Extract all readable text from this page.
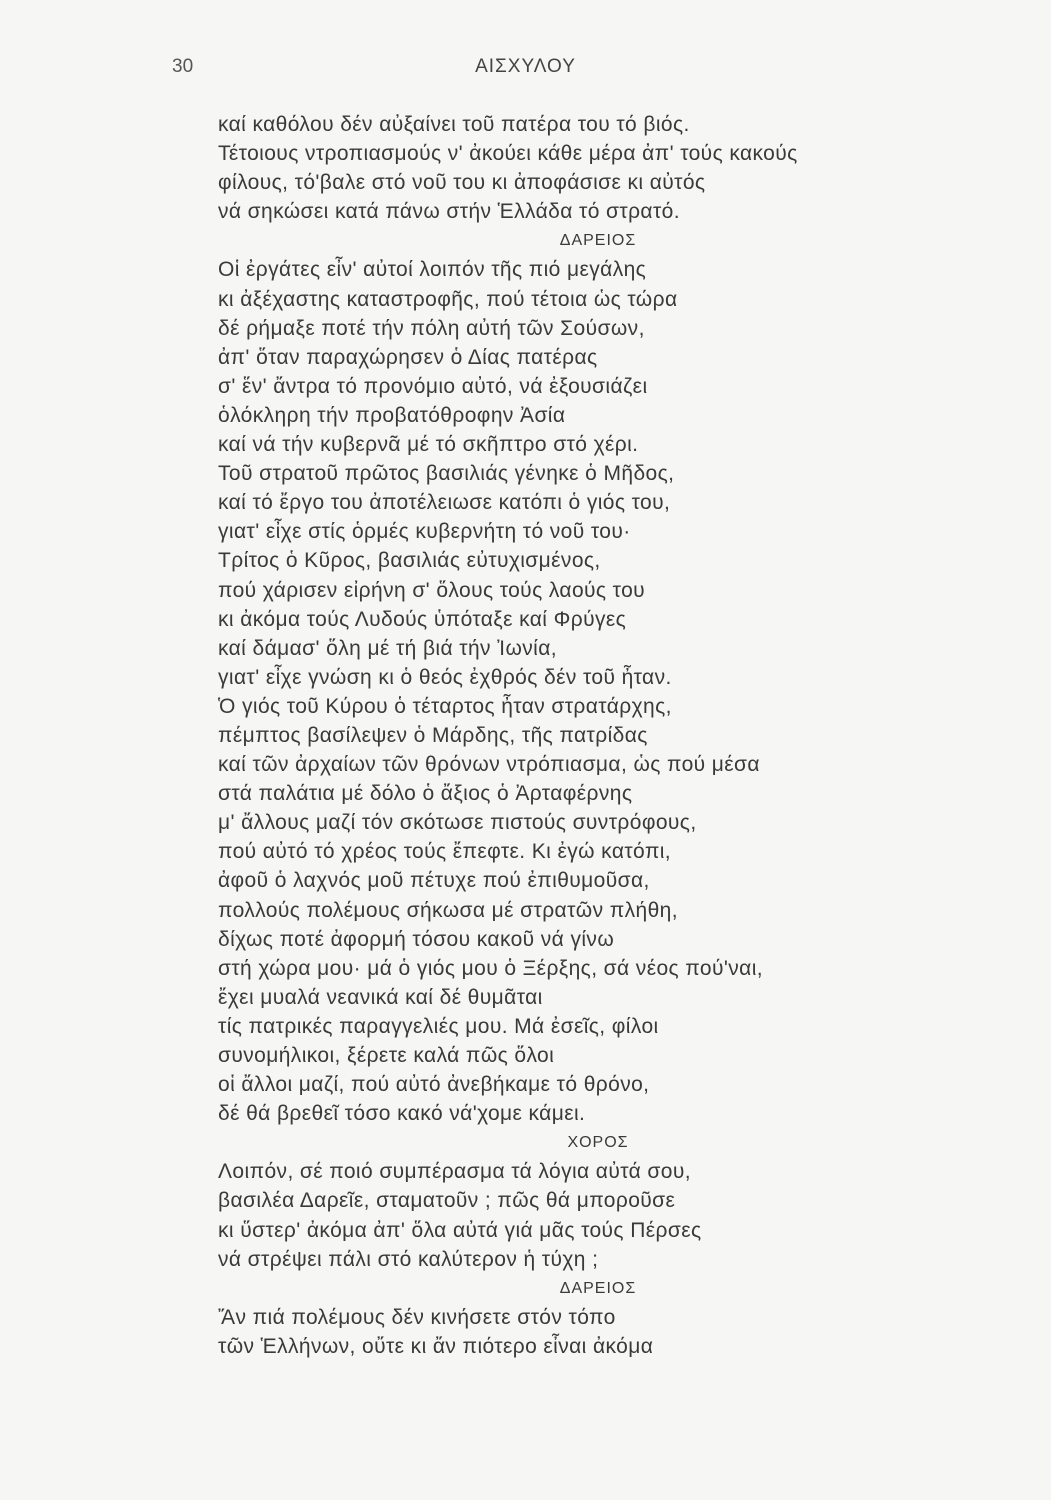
30	ΑΙΣΧΥΛΟΥ
καί καθόλου δέν αὐξαίνει τοῦ πατέρα του τό βιός.
Τέτοιους ντροπιασμούς ν' ἀκούει κάθε μέρα ἀπ' τούς κακούς
φίλους, τό'βαλε στό νοῦ του κι ἀποφάσισε κι αὐτός
νά σηκώσει κατά πάνω στήν Ἑλλάδα τό στρατό.
ΔΑΡΕΙΟΣ
Οἱ ἐργάτες εἶν' αὐτοί λοιπόν τῆς πιό μεγάλης
κι ἀξέχαστης καταστροφῆς, πού τέτοια ὡς τώρα
δέ ρήμαξε ποτέ τήν πόλη αὐτή τῶν Σούσων,
ἀπ' ὅταν παραχώρησεν ὁ Δίας πατέρας
σ' ἕν' ἄντρα τό προνόμιο αὐτό, νά ἐξουσιάζει
ὁλόκληρη τήν προβατόθροφην Ἀσία
καί νά τήν κυβερνᾶ μέ τό σκῆπτρο στό χέρι.
Τοῦ στρατοῦ πρῶτος βασιλιάς γένηκε ὁ Μῆδος,
καί τό ἔργο του ἀποτέλειωσε κατόπι ὁ γιός του,
γιατ' εἶχε στίς ὁρμές κυβερνήτη τό νοῦ του·
Τρίτος ὁ Κῦρος, βασιλιάς εὐτυχισμένος,
πού χάρισεν εἰρήνη σ' ὅλους τούς λαούς του
κι ἀκόμα τούς Λυδούς ὑπόταξε καί Φρύγες
καί δάμασ' ὅλη μέ τή βιά τήν Ἰωνία,
γιατ' εἶχε γνώση κι ὁ θεός ἐχθρός δέν τοῦ ἦταν.
Ὁ γιός τοῦ Κύρου ὁ τέταρτος ἦταν στρατάρχης,
πέμπτος βασίλεψεν ὁ Μάρδης, τῆς πατρίδας
καί τῶν ἀρχαίων τῶν θρόνων ντρόπιασμα, ὡς πού μέσα
στά παλάτια μέ δόλο ὁ ἄξιος ὁ Ἀρταφέρνης
μ' ἄλλους μαζί τόν σκότωσε πιστούς συντρόφους,
πού αὐτό τό χρέος τούς ἔπεφτε. Κι ἐγώ κατόπι,
ἀφοῦ ὁ λαχνός μοῦ πέτυχε πού ἐπιθυμοῦσα,
πολλούς πολέμους σήκωσα μέ στρατῶν πλήθη,
δίχως ποτέ ἀφορμή τόσου κακοῦ νά γίνω
στή χώρα μου· μά ὁ γιός μου ὁ Ξέρξης, σά νέος πού'ναι,
ἔχει μυαλά νεανικά καί δέ θυμᾶται
τίς πατρικές παραγγελιές μου. Μά ἐσεῖς, φίλοι
συνομήλικοι, ξέρετε καλά πῶς ὅλοι
οἱ ἄλλοι μαζί, πού αὐτό ἀνεβήκαμε τό θρόνο,
δέ θά βρεθεῖ τόσο κακό νά'χομε κάμει.
ΧΟΡΟΣ
Λοιπόν, σέ ποιό συμπέρασμα τά λόγια αὐτά σου,
βασιλέα Δαρεῖε, σταματοῦν ; πῶς θά μποροῦσε
κι ὕστερ' ἀκόμα ἀπ' ὅλα αὐτά γιά μᾶς τούς Πέρσες
νά στρέψει πάλι στό καλύτερον ἡ τύχη ;
ΔΑΡΕΙΟΣ
Ἄν πιά πολέμους δέν κινήσετε στόν τόπο
τῶν Ἑλλήνων, οὔτε κι ἄν πιότερο εἶναι ἀκόμα
